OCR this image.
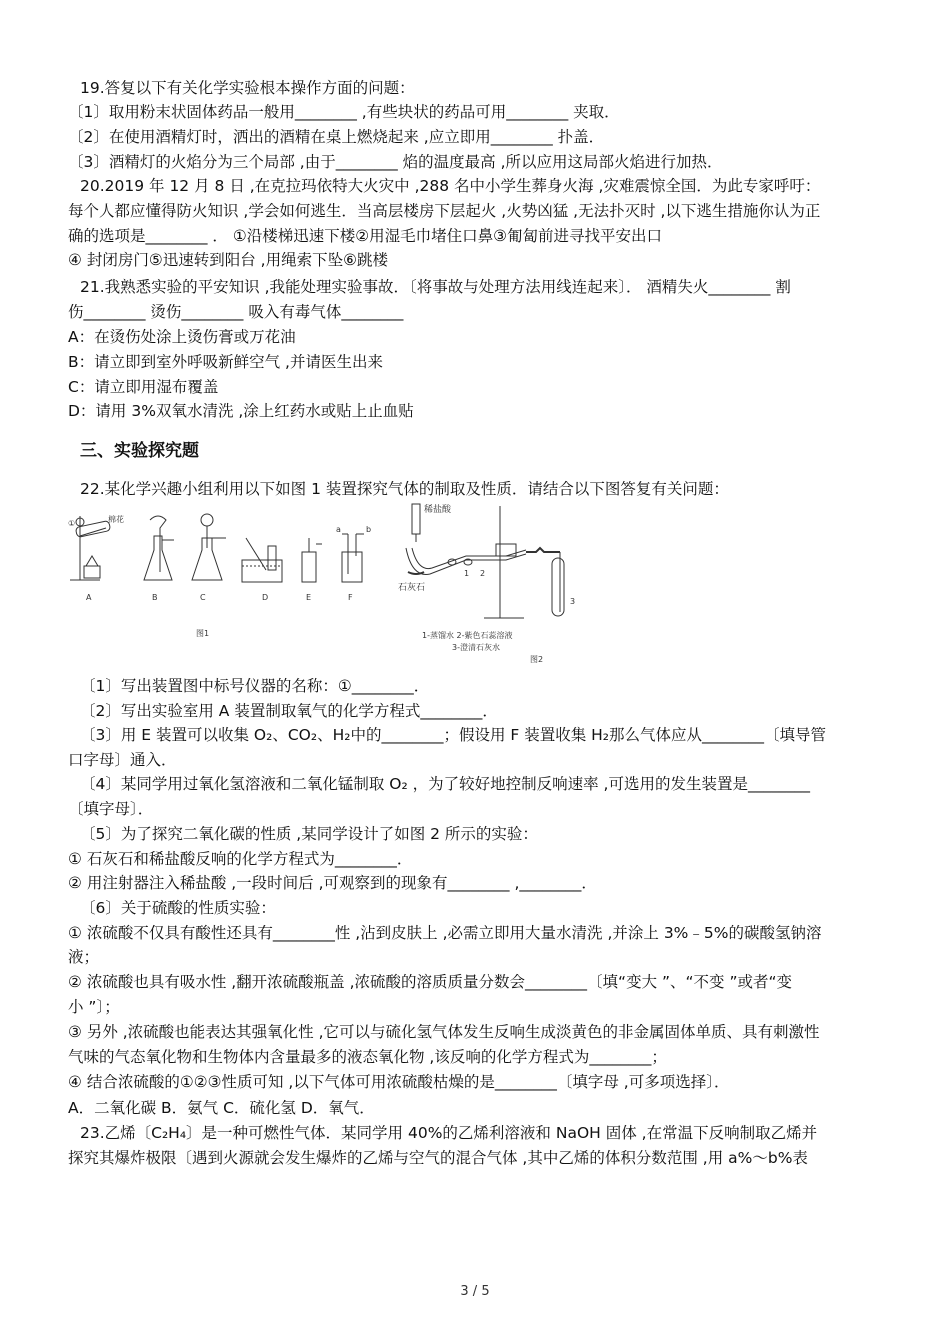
19.答复以下有关化学实验根本操作方面的问题：
〔1〕取用粉末状固体药品一般用________ ,有些块状的药品可用________ 夹取．
〔2〕在使用酒精灯时，洒出的酒精在桌上燃烧起来 ,应立即用________ 扑盖．
〔3〕酒精灯的火焰分为三个局部 ,由于________ 焰的温度最高 ,所以应用这局部火焰进行加热．
20.2019 年 12 月 8 日 ,在克拉玛依特大火灾中 ,288 名中小学生葬身火海 ,灾难震惊全国．为此专家呼吁：
每个人都应懂得防火知识 ,学会如何逃生．当高层楼房下层起火 ,火势凶猛 ,无法扑灭时 ,以下逃生措施你认为正
确的选项是________ ． ①沿楼梯迅速下楼②用湿毛巾堵住口鼻③匍匐前进寻找平安出口
④ 封闭房门⑤迅速转到阳台 ,用绳索下坠⑥跳楼
21.我熟悉实验的平安知识 ,我能处理实验事故．〔将事故与处理方法用线连起来〕． 酒精失火________ 割
伤________ 烫伤________ 吸入有毒气体________
A：在烫伤处涂上烫伤膏或万花油
B：请立即到室外呼吸新鲜空气 ,并请医生出来
C：请立即用湿布覆盖
D：请用 3%双氧水清洗 ,涂上红药水或贴上止血贴
三、实验探究题
22.某化学兴趣小组利用以下如图 1 装置探究气体的制取及性质．请结合以下图答复有关问题：
棉花
①
a	b
A	B	C	D	E	F
图1
稀盐酸
1 2
石灰石
3
1-蒸馏水 2-紫色石蕊溶液
3-澄清石灰水
图2
〔1〕写出装置图中标号仪器的名称：①________．
〔2〕写出实验室用 A 装置制取氧气的化学方程式________．
〔3〕用 E 装置可以收集 O₂、CO₂、H₂中的________；假设用 F 装置收集 H₂那么气体应从________〔填导管
口字母〕通入．
〔4〕某同学用过氧化氢溶液和二氧化锰制取 O₂ ，为了较好地控制反响速率 ,可选用的发生装置是________
〔填字母〕．
〔5〕为了探究二氧化碳的性质 ,某同学设计了如图 2 所示的实验：
① 石灰石和稀盐酸反响的化学方程式为________．
② 用注射器注入稀盐酸 ,一段时间后 ,可观察到的现象有________ ,________．
〔6〕关于硫酸的性质实验：
① 浓硫酸不仅具有酸性还具有________性 ,沾到皮肤上 ,必需立即用大量水清洗 ,并涂上 3%﹣5%的碳酸氢钠溶
液；
② 浓硫酸也具有吸水性 ,翻开浓硫酸瓶盖 ,浓硫酸的溶质质量分数会________〔填“变大 ”、“不变 ”或者“变
小 ”〕；
③ 另外 ,浓硫酸也能表达其强氧化性 ,它可以与硫化氢气体发生反响生成淡黄色的非金属固体单质、具有刺激性
气味的气态氧化物和生物体内含量最多的液态氧化物 ,该反响的化学方程式为________；
④ 结合浓硫酸的①②③性质可知 ,以下气体可用浓硫酸枯燥的是________〔填字母 ,可多项选择〕．
A．二氧化碳 B．氨气 C．硫化氢 D．氧气．
23.乙烯〔C₂H₄〕是一种可燃性气体．某同学用 40%的乙烯利溶液和 NaOH 固体 ,在常温下反响制取乙烯并
探究其爆炸极限〔遇到火源就会发生爆炸的乙烯与空气的混合气体 ,其中乙烯的体积分数范围 ,用 a%～b%表
3 / 5
